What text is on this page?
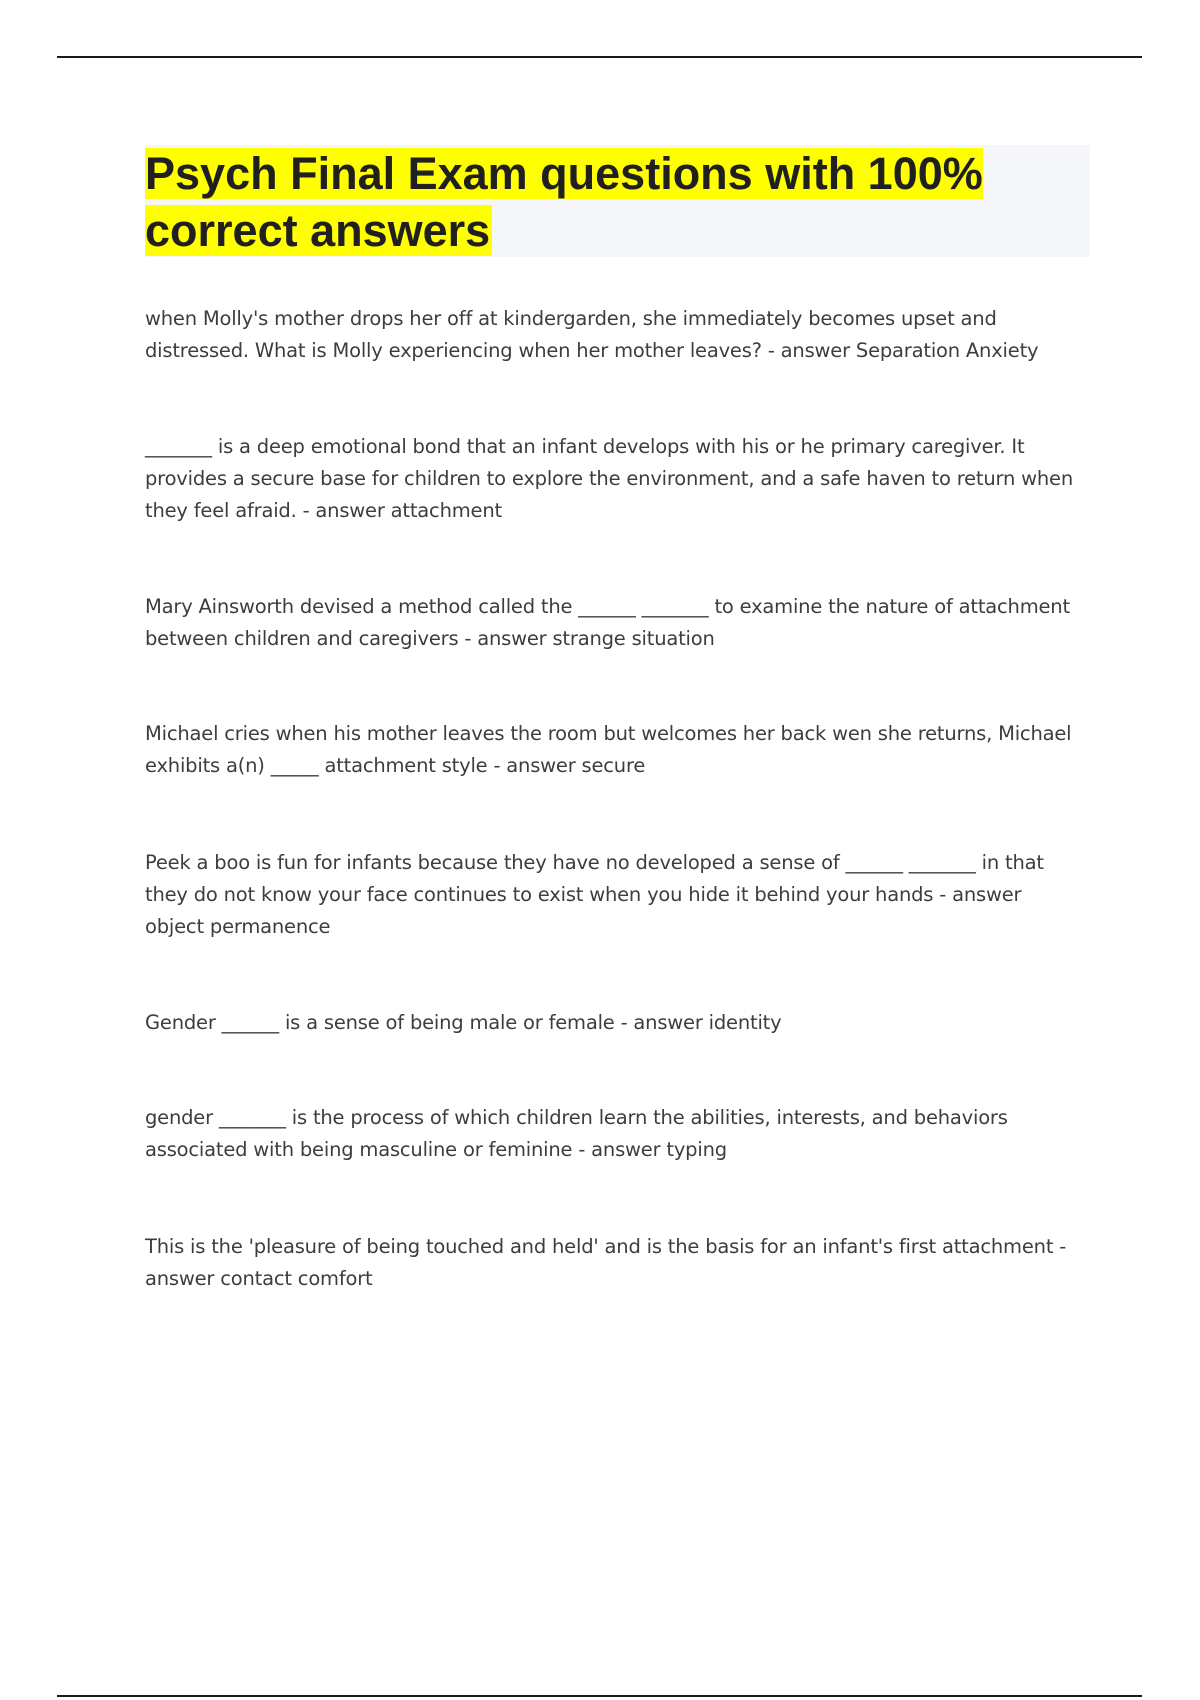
Psych Final Exam questions with 100% correct answers

when Molly's mother drops her off at kindergarden, she immediately becomes upset and distressed. What is Molly experiencing when her mother leaves? - answer Separation Anxiety

_______ is a deep emotional bond that an infant develops with his or he primary caregiver. It provides a secure base for children to explore the environment, and a safe haven to return when they feel afraid. - answer attachment

Mary Ainsworth devised a method called the ______ _______ to examine the nature of attachment between children and caregivers - answer strange situation

Michael cries when his mother leaves the room but welcomes her back wen she returns, Michael exhibits a(n) _____ attachment style - answer secure

Peek a boo is fun for infants because they have no developed a sense of ______ _______ in that they do not know your face continues to exist when you hide it behind your hands - answer object permanence

Gender ______ is a sense of being male or female - answer identity

gender _______ is the process of which children learn the abilities, interests, and behaviors associated with being masculine or feminine - answer typing

This is the 'pleasure of being touched and held' and is the basis for an infant's first attachment - answer contact comfort
